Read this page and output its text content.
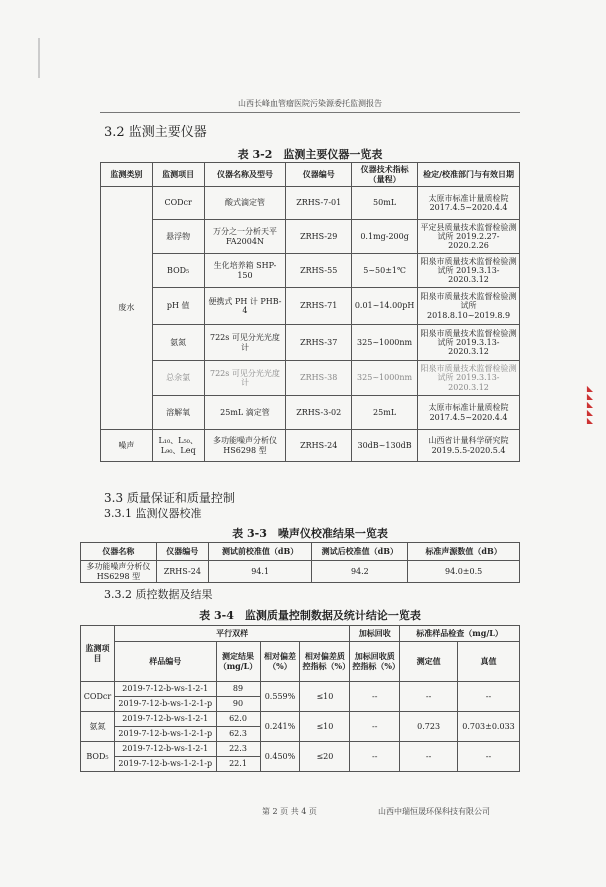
山西长峰血管瘤医院污染源委托监测报告
3.2 监测主要仪器
表 3-2　监测主要仪器一览表
监测类别	监测项目	仪器名称及型号	仪器编号	仪器技术指标（量程）	检定/校准部门与有效日期
废水	CODcr	酸式滴定管	ZRHS-7-01	50mL	太原市标准计量质检院 2017.4.5~2020.4.4
	悬浮物	万分之一分析天平 FA2004N	ZRHS-29	0.1mg-200g	平定县质量技术监督检验测试所 2019.2.27-2020.2.26
	BOD₅	生化培养箱 SHP-150	ZRHS-55	5~50±1℃	阳泉市质量技术监督检验测试所 2019.3.13-2020.3.12
	pH 值	便携式 PH 计 PHB-4	ZRHS-71	0.01~14.00pH	阳泉市质量技术监督检验测试所 2018.8.10~2019.8.9
	氨氮	722s 可见分光光度计	ZRHS-37	325~1000nm	阳泉市质量技术监督检验测试所 2019.3.13-2020.3.12
	总余氯	722s 可见分光光度计	ZRHS-38	325~1000nm	阳泉市质量技术监督检验测试所 2019.3.13-2020.3.12
	溶解氧	25mL 滴定管	ZRHS-3-02	25mL	太原市标准计量质检院 2017.4.5~2020.4.4
噪声	L₁₀、L₅₀、L₉₀、Leq	多功能噪声分析仪 HS6298 型	ZRHS-24	30dB~130dB	山西省计量科学研究院 2019.5.5-2020.5.4
3.3 质量保证和质量控制
3.3.1 监测仪器校准
表 3-3　噪声仪校准结果一览表
仪器名称	仪器编号	测试前校准值（dB）	测试后校准值（dB）	标准声源数值（dB）
多功能噪声分析仪 HS6298 型	ZRHS-24	94.1	94.2	94.0±0.5
3.3.2 质控数据及结果
表 3-4　监测质量控制数据及统计结论一览表
监测项目	平行双样				加标回收	标准样品检查（mg/L）	
	样品编号	测定结果（mg/L）	相对偏差（%）	相对偏差质控指标（%）	加标回收质控指标（%）	测定值	真值
CODcr	2019-7-12-b-ws-1-2-1	89	0.559%	≤10	--	--	--
	2019-7-12-b-ws-1-2-1-p	90					
氨氮	2019-7-12-b-ws-1-2-1	62.0	0.241%	≤10	--	0.723	0.703±0.033
	2019-7-12-b-ws-1-2-1-p	62.3					
BOD₅	2019-7-12-b-ws-1-2-1	22.3	0.450%	≤20	--	--	--
	2019-7-12-b-ws-1-2-1-p	22.1					
第 2 页 共 4 页	山西中瑞恒晟环保科技有限公司
◣
◣
◣
◣
◣
